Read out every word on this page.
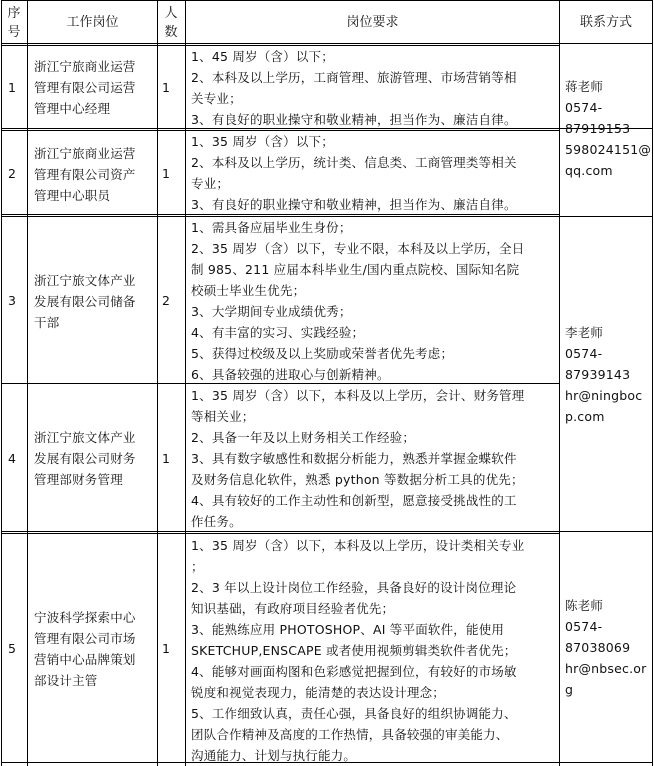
序
号
工作岗位
人
数
岗位要求	联系方式
1
浙江宁旅商业运营
管理有限公司运营
管理中心经理
1
1、45 周岁（含）以下；
2、本科及以上学历，工商管理、旅游管理、市场营销等相
关专业；
3、有良好的职业操守和敬业精神，担当作为、廉洁自律。
2
浙江宁旅商业运营
管理有限公司资产
管理中心职员
1
1、35 周岁（含）以下；
2、本科及以上学历，统计类、信息类、工商管理类等相关
专业；
3、有良好的职业操守和敬业精神，担当作为、廉洁自律。
3
浙江宁旅文体产业
发展有限公司储备
干部
2
1、需具备应届毕业生身份；
2、35 周岁（含）以下，专业不限，本科及以上学历，全日
制 985、211 应届本科毕业生/国内重点院校、国际知名院
校硕士毕业生优先；
3、大学期间专业成绩优秀；
4、有丰富的实习、实践经验；
5、获得过校级及以上奖励或荣誉者优先考虑；
6、具备较强的进取心与创新精神。
4
浙江宁旅文体产业
发展有限公司财务
管理部财务管理
1
1、35 周岁（含）以下，本科及以上学历，会计、财务管理
等相关业；
2、具备一年及以上财务相关工作经验；
3、具有数字敏感性和数据分析能力，熟悉并掌握金蝶软件
及财务信息化软件，熟悉 python 等数据分析工具的优先；
4、具有较好的工作主动性和创新型，愿意接受挑战性的工
作任务。
5
宁波科学探索中心
管理有限公司市场
营销中心品牌策划
部设计主管
1
1、35 周岁（含）以下，本科及以上学历，设计类相关专业
；
2、3 年以上设计岗位工作经验，具备良好的设计岗位理论
知识基础，有政府项目经验者优先；
3、能熟练应用 PHOTOSHOP、AI 等平面软件，能使用
SKETCHUP,ENSCAPE 或者使用视频剪辑类软件者优先；
4、能够对画面构图和色彩感觉把握到位，有较好的市场敏
锐度和视觉表现力，能清楚的表达设计理念；
5、工作细致认真，责任心强，具备良好的组织协调能力、
团队合作精神及高度的工作热情，具备较强的审美能力、
沟通能力、计划与执行能力。
蒋老师
0574-
87919153
598024151@
qq.com
李老师
0574-
87939143
hr@ningboc
p.com
陈老师
0574-
87038069
hr@nbsec.or
g
